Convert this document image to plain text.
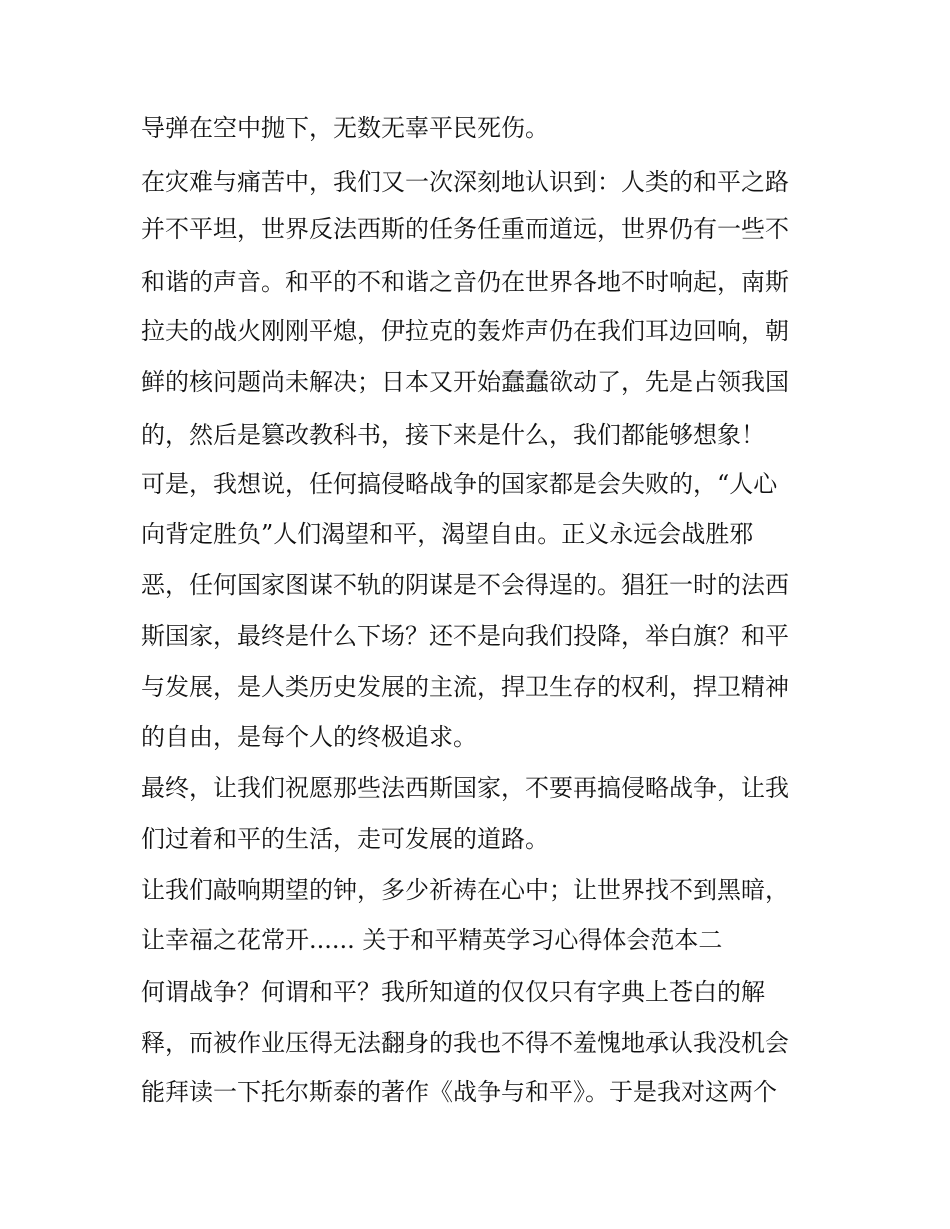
导弹在空中抛下，无数无辜平民死伤。
在灾难与痛苦中，我们又一次深刻地认识到：人类的和平之路
并不平坦，世界反法西斯的任务任重而道远，世界仍有一些不
和谐的声音。和平的不和谐之音仍在世界各地不时响起，南斯
拉夫的战火刚刚平熄，伊拉克的轰炸声仍在我们耳边回响，朝
鲜的核问题尚未解决；日本又开始蠢蠢欲动了，先是占领我国
的，然后是篡改教科书，接下来是什么，我们都能够想象！
可是，我想说，任何搞侵略战争的国家都是会失败的，“人心
向背定胜负”人们渴望和平，渴望自由。正义永远会战胜邪
恶，任何国家图谋不轨的阴谋是不会得逞的。猖狂一时的法西
斯国家，最终是什么下场？还不是向我们投降，举白旗？和平
与发展，是人类历史发展的主流，捍卫生存的权利，捍卫精神
的自由，是每个人的终极追求。
最终，让我们祝愿那些法西斯国家，不要再搞侵略战争，让我
们过着和平的生活，走可发展的道路。
让我们敲响期望的钟，多少祈祷在心中；让世界找不到黑暗，
让幸福之花常开...... 关于和平精英学习心得体会范本二
何谓战争？何谓和平？我所知道的仅仅只有字典上苍白的解
释，而被作业压得无法翻身的我也不得不羞愧地承认我没机会
能拜读一下托尔斯泰的著作《战争与和平》。于是我对这两个
